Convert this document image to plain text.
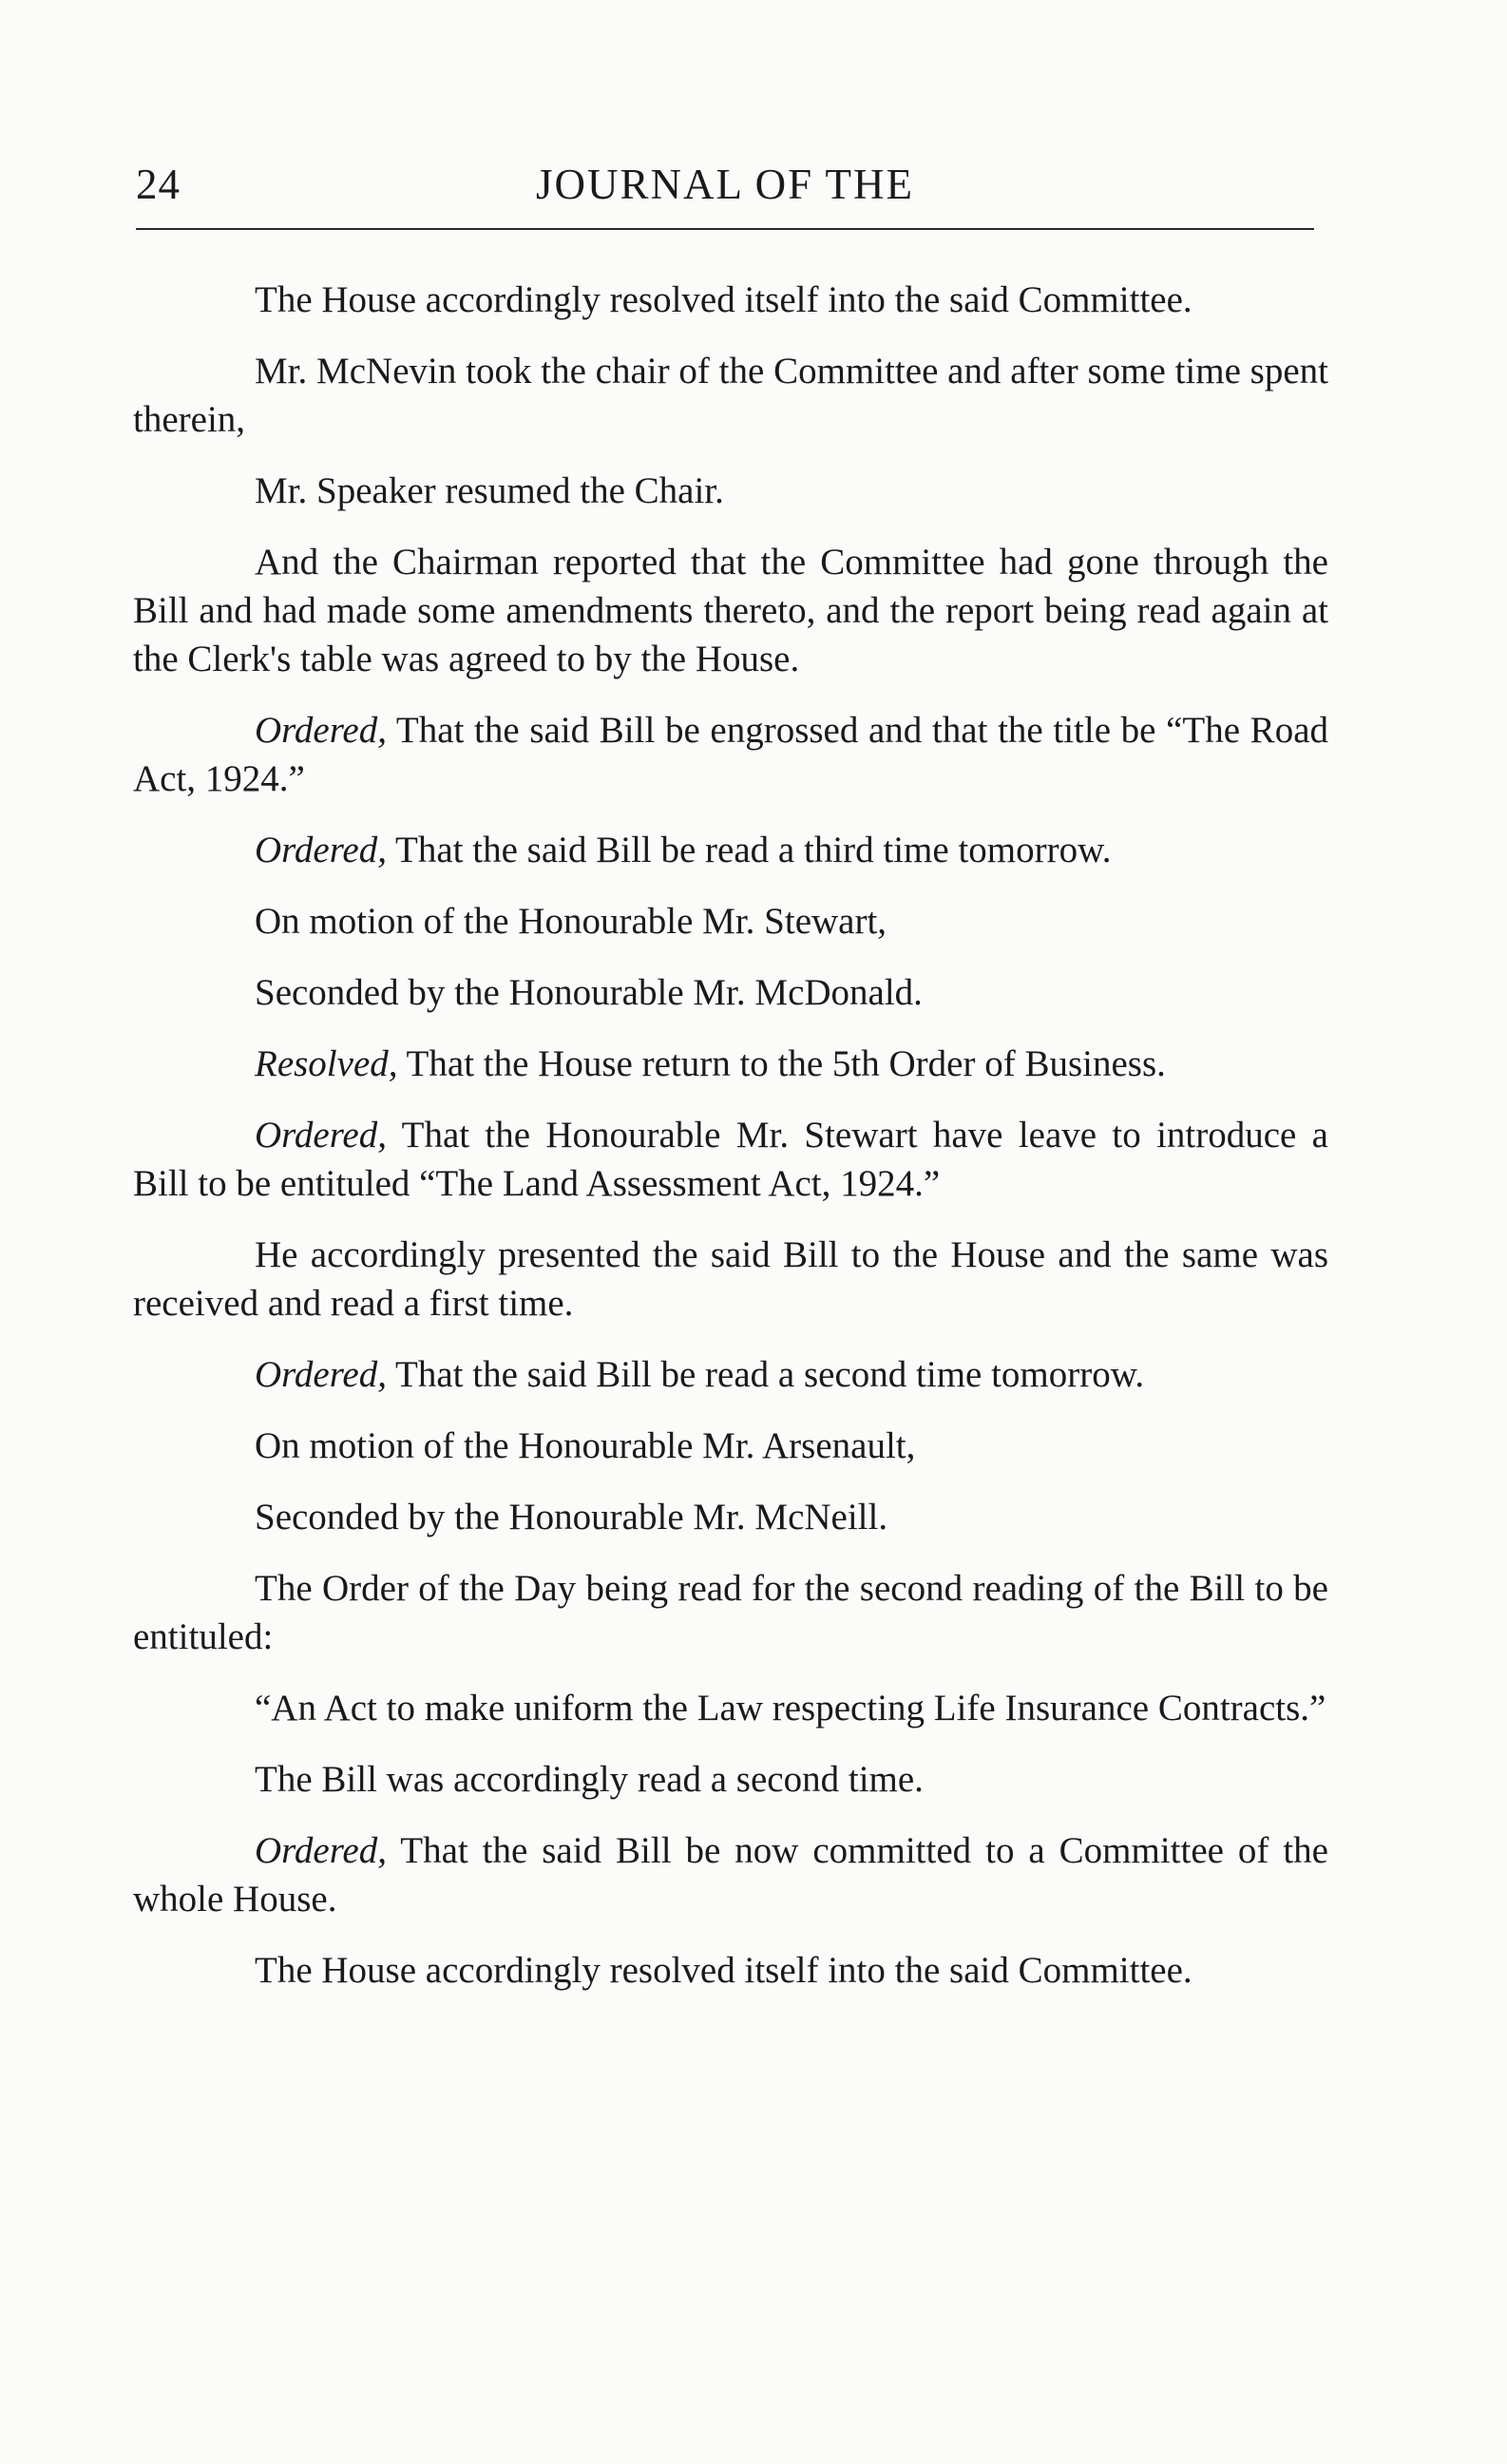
24	JOURNAL OF THE

The House accordingly resolved itself into the said Committee.

Mr. McNevin took the chair of the Committee and after some time spent therein,

Mr. Speaker resumed the Chair.

And the Chairman reported that the Committee had gone through the Bill and had made some amendments thereto, and the report being read again at the Clerk's table was agreed to by the House.

Ordered, That the said Bill be engrossed and that the title be “The Road Act, 1924.”

Ordered, That the said Bill be read a third time tomorrow.

On motion of the Honourable Mr. Stewart,

Seconded by the Honourable Mr. McDonald.

Resolved, That the House return to the 5th Order of Business.

Ordered, That the Honourable Mr. Stewart have leave to introduce a Bill to be entituled “The Land Assessment Act, 1924.”

He accordingly presented the said Bill to the House and the same was received and read a first time.

Ordered, That the said Bill be read a second time tomorrow.

On motion of the Honourable Mr. Arsenault,

Seconded by the Honourable Mr. McNeill.

The Order of the Day being read for the second reading of the Bill to be entituled:

“An Act to make uniform the Law respecting Life Insurance Contracts.”

The Bill was accordingly read a second time.

Ordered, That the said Bill be now committed to a Committee of the whole House.

The House accordingly resolved itself into the said Committee.
